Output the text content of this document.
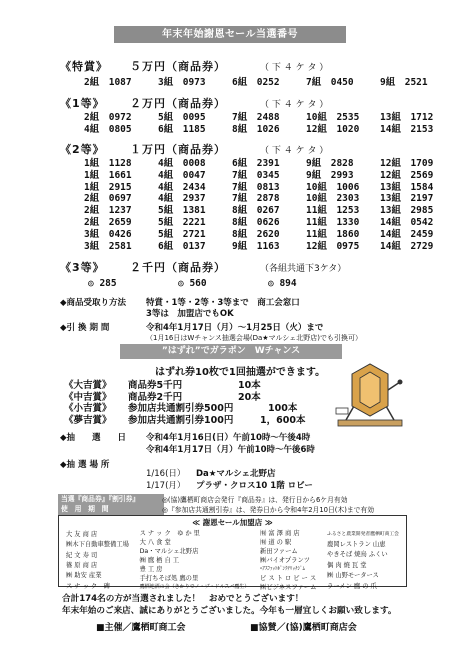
年末年始謝恩セール当選番号
《特賞》	５万円（商品券）	（ 下 ４ ケ タ ）
2組　1087	3組　0973	6組　0252	7組　0450	9組　2521
《1等》	２万円（商品券）	（ 下 ４ ケ タ ）
2組　0972	5組　0095	7組　2488	10組　2535	13組　1712
4組　0805	6組　1185	8組　1026	12組　1020	14組　2153
《2等》	１万円（商品券）	（ 下 ４ ケ タ ）
1組　1128	4組　0008	6組　2391	9組　2828	12組　1709
1組　1661	4組　0047	7組　0345	9組　2993	12組　2569
1組　2915	4組　2434	7組　0813	10組　1006	13組　1584
2組　0697	4組　2937	7組　2878	10組　2303	13組　2197
2組　1237	5組　1381	8組　0267	11組　1253	13組　2985
2組　2659	5組　2221	8組　0626	11組　1330	14組　0542
3組　0426	5組　2721	8組　2620	11組　1860	14組　2459
3組　2581	6組　0137	9組　1163	12組　0975	14組　2729
《3等》	２千円（商品券）	（各組共通下3ケタ）
◎ 285	◎ 560	◎ 894
◆商品受取り方法 特賞・1等・2等・3等まで　商工会窓口
3等は　加盟店でもOK
◆引 換 期 間	令和4年1月17日（月）～1月25日（火）まで
（1月16日はWチャンス抽選会場(Da★マルシェ北野店)でも引換可）
”はずれ”でガラポン　Wチャンス
はずれ券10枚で1回抽選ができます。
《大吉賞》	商品券5千円	10本
《中吉賞》	商品券2千円	20本
《小吉賞》	参加店共通割引券500円	100本
《夢吉賞》	参加店共通割引券100円	1，600本
◆抽　　選　　日 令和4年1月16日(日）午前10時～午後4時
令和4年1月17日（月）午前10時～午後6時
◆抽 選 場 所
1/16(日） Da★マルシェ北野店
1/17(月） プラザ・クロス10 1階 ロビー
当選『商品券』『割引券』
使　用　期　間
◎(協)鷹栖町商店会発行『商品券』は、発行日から6ケ月有効
◎『参加店共通割引券』は、発券日から令和4年2月10日(木)まで有効
≪ 謝恩セール加盟店 ≫
大 友 商 店
㈱木下自動車整備工場
紀 文 寿 司
篠 原 商 店
㈱ 助安 産業
ス ナ ッ ク　碑
ス ナ ッ ク　ゆ か 里
大 八 食 堂
Da・マルシェ北野店
㈱ 鷹 栖 自 工
豊 工 房
手打ちそば処 鷹の里
鷹栖地酒の会（きかりでノ・ブ・ドルスパ鷹生）
㈲ 富 澤 商 店
㈲ 道 の 駅
新田ファーム
㈱バイオプランツ
ﾍｱｽﾌｧｯﾄﾎﾟﾝｸﾁﾘｯﾁｼﾞﾑ
ビ ス ト ロ ピ ー ス
㈱ビジネスファーム
ふるさと農業開発者鷹栖町商工会
鹿岡レストラン 山恵
やきそば 焼鳥 ふくい
偶 肉 焼 瓦 堂
㈱ 山野モータース
ラーメン 鷹 の 爪
合計174名の方が当選されました！　おめでとうございます！
年末年始のご来店、誠にありがとうございました。今年も一層宜しくお願い致します。
■主催／鷹栖町商工会	■協賛／(協)鷹栖町商店会
